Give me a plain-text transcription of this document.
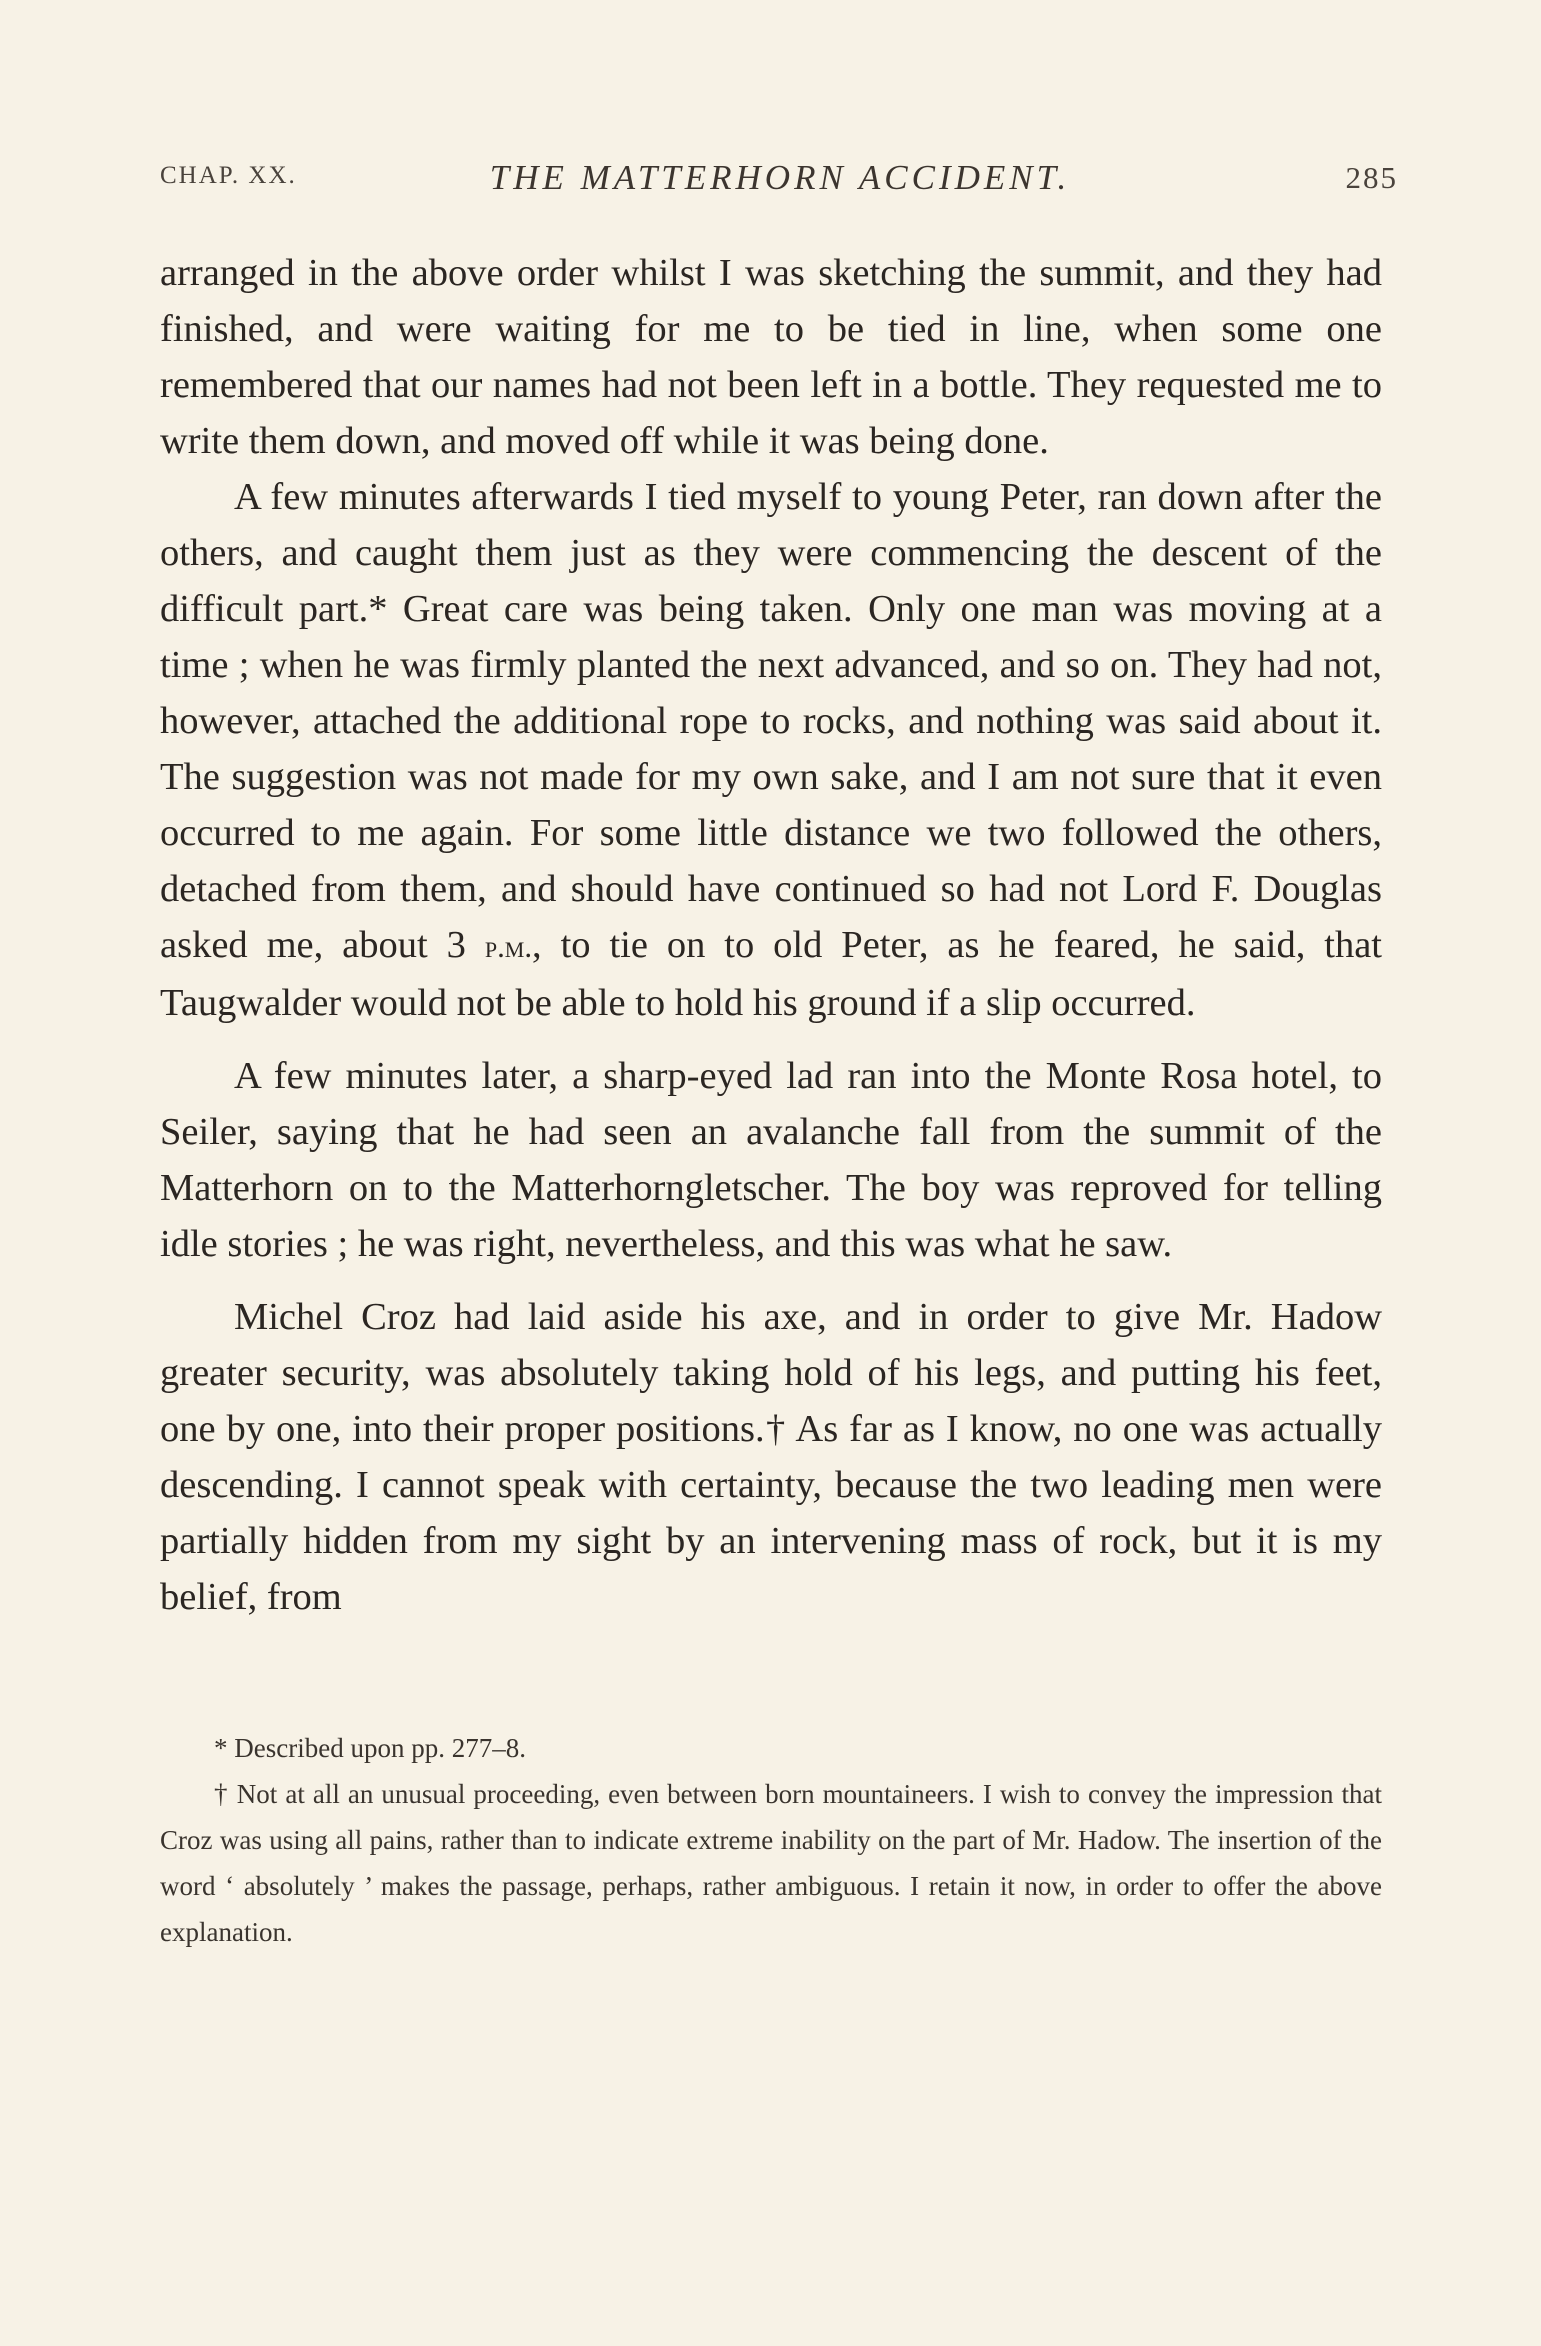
CHAP. XX.	THE MATTERHORN ACCIDENT.	285

arranged in the above order whilst I was sketching the summit, and they had finished, and were waiting for me to be tied in line, when some one remembered that our names had not been left in a bottle. They requested me to write them down, and moved off while it was being done.

A few minutes afterwards I tied myself to young Peter, ran down after the others, and caught them just as they were commencing the descent of the difficult part.* Great care was being taken. Only one man was moving at a time ; when he was firmly planted the next advanced, and so on. They had not, however, attached the additional rope to rocks, and nothing was said about it. The suggestion was not made for my own sake, and I am not sure that it even occurred to me again. For some little distance we two followed the others, detached from them, and should have continued so had not Lord F. Douglas asked me, about 3 p.m., to tie on to old Peter, as he feared, he said, that Taugwalder would not be able to hold his ground if a slip occurred.

A few minutes later, a sharp-eyed lad ran into the Monte Rosa hotel, to Seiler, saying that he had seen an avalanche fall from the summit of the Matterhorn on to the Matterhorngletscher. The boy was reproved for telling idle stories ; he was right, nevertheless, and this was what he saw.

Michel Croz had laid aside his axe, and in order to give Mr. Hadow greater security, was absolutely taking hold of his legs, and putting his feet, one by one, into their proper positions.† As far as I know, no one was actually descending. I cannot speak with certainty, because the two leading men were partially hidden from my sight by an intervening mass of rock, but it is my belief, from

* Described upon pp. 277–8.

† Not at all an unusual proceeding, even between born mountaineers. I wish to convey the impression that Croz was using all pains, rather than to indicate extreme inability on the part of Mr. Hadow. The insertion of the word ‘ absolutely ’ makes the passage, perhaps, rather ambiguous. I retain it now, in order to offer the above explanation.
